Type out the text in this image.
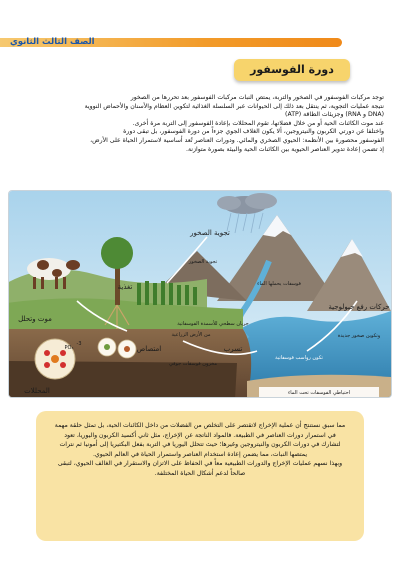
الصف الثالث الثانوي
دورة الفوسفور

توجد مركبات الفوسفور في الصخور والتربة، يمتص النبات مركبات الفوسفور بعد تحررها من الصخور

نتيجة عمليات التجوية، ثم ينتقل بعد ذلك إلى الحيوانات عبر السلسلة الغذائية لتكوين العظام والأسنان والأحماض النووية

(DNA و RNA) وجزيئات الطاقة (ATP)

عند موت الكائنات الحية أو من خلال فضلاتها، تقوم المحللات بإعادة الفوسفور إلى التربة مرة أخرى.

واختلفا عن دورتي الكربون والنيتروجين، ألا يكون الغلاف الجوي جزءاً من دورة الفوسفور، بل تبقى دورة

الفوسفور محصورة بين الأنظمة: الحيوي الصخري والمائي. ودورات العناصر تُعد أساسية لاستمرار الحياة على الأرض،

إذ تضمن إعادة تدوير العناصر الحيوية بين الكائنات الحية والبيئة بصورة متوازنة.

PO₄
3-
تجوية الصخور
تجوية الصخور
فوسفات يحملها الماء
حركات رفع جيولوجية
وتكوين صخور جديدة
تغذية
جريان سطحي للأسمدة الفوسفاتية
من الأرض الزراعية
تكون رواسب فوسفاتية
موت وتحلل
المحللات
امتصاص
مخزون فوسفات جوفي
تسرب
احتياطي الفوسفات تحت الماء

مما سبق نستنتج أن عملية الإخراج لاتقتصر على التخلص من الفضلات من داخل الكائنات الحية، بل تمثل حلقة مهمة في استمرار دورات العناصر في الطبيعة. فالمواد الناتجة عن الإخراج، مثل ثاني أكسيد الكربون واليوريا، تعود لتشارك في دورات الكربون والنيتروجين وغيرها؛ حيث تتحلل اليوريا في التربة بفعل البكتيريا إلى أمونيا ثم نترات يمتصها النبات، مما يضمن إعادة استخدام العناصر واستمرار الحياة في العالم الحيوي.

وبهذا نسهم عمليات الإخراج والدورات الطبيعية معاً في الحفاظ على الاتزان والاستقرار في الغالف الحيوي، لتبقى صالحاً لدعم أشكال الحياة المختلفة.
